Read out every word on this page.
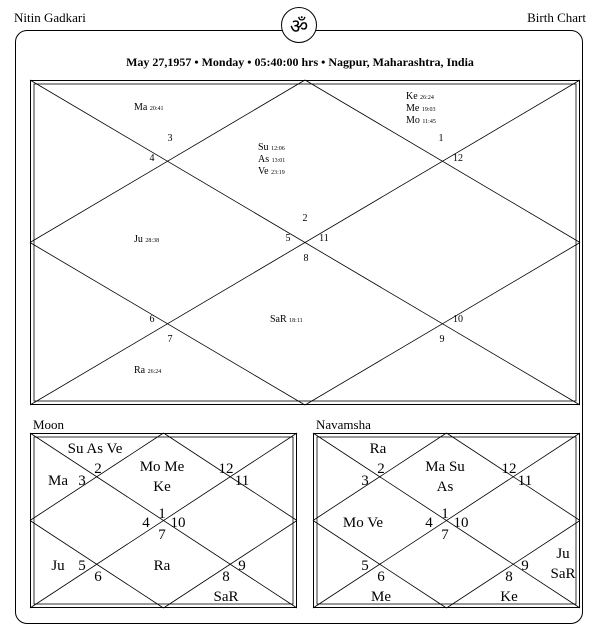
Nitin Gadkari	Birth Chart
ॐ
May 27,1957 • Monday • 05:40:00 hrs • Nagpur, Maharashtra, India
2
Su 12:06
As 13:01
Ve 23:19
3
Ma 20:41
4
5
Ju 28:38
6
7
Ra 26:24
8
SaR 18:11
9
10
11
12
1
Ke 26:24
Me 19:03
Mo 11:45
Moon
1
Mo Me
Ke
2
Su As Ve
3
Ma
4
5
Ju
6
7
Ra
8
SaR
9
10
11
12
Navamsha
1
Ma Su
As
2
Ra
3
4
Mo Ve
5
6
Me
7
8
Ke
9
Ju
SaR
10
11
12
